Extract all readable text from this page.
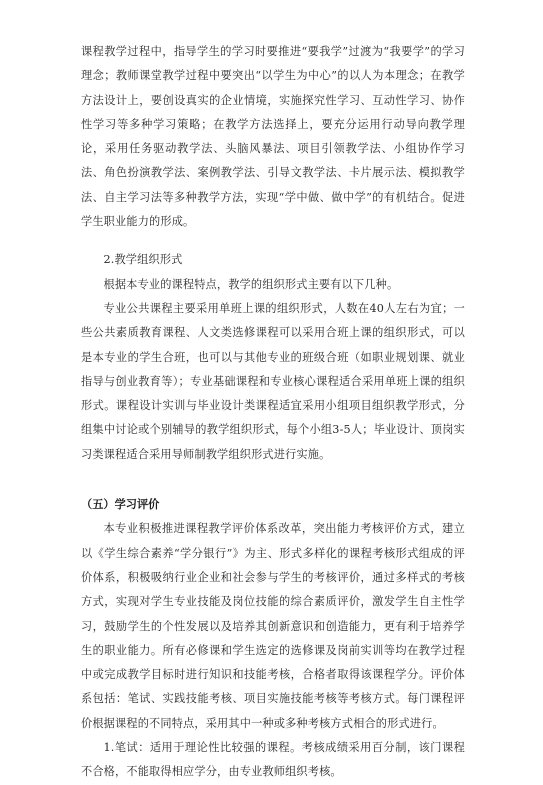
课程教学过程中，指导学生的学习时要推进“要我学”过渡为“我要学”的学习理念；教师课堂教学过程中要突出“以学生为中心”的以人为本理念；在教学方法设计上，要创设真实的企业情境，实施探究性学习、互动性学习、协作性学习等多种学习策略；在教学方法选择上，要充分运用行动导向教学理论，采用任务驱动教学法、头脑风暴法、项目引领教学法、小组协作学习法、角色扮演教学法、案例教学法、引导文教学法、卡片展示法、模拟教学法、自主学习法等多种教学方法，实现“学中做、做中学”的有机结合。促进学生职业能力的形成。

2.教学组织形式

根据本专业的课程特点，教学的组织形式主要有以下几种。

专业公共课程主要采用单班上课的组织形式，人数在40人左右为宜；一些公共素质教育课程、人文类选修课程可以采用合班上课的组织形式，可以是本专业的学生合班，也可以与其他专业的班级合班（如职业规划课、就业指导与创业教育等）；专业基础课程和专业核心课程适合采用单班上课的组织形式。课程设计实训与毕业设计类课程适宜采用小组项目组织教学形式，分组集中讨论或个别辅导的教学组织形式，每个小组3-5人；毕业设计、顶岗实习类课程适合采用导师制教学组织形式进行实施。

（五）学习评价

本专业积极推进课程教学评价体系改革，突出能力考核评价方式，建立以《学生综合素养“学分银行”》为主、形式多样化的课程考核形式组成的评价体系，积极吸纳行业企业和社会参与学生的考核评价，通过多样式的考核方式，实现对学生专业技能及岗位技能的综合素质评价，激发学生自主性学习，鼓励学生的个性发展以及培养其创新意识和创造能力，更有利于培养学生的职业能力。所有必修课和学生选定的选修课及岗前实训等均在教学过程中或完成教学目标时进行知识和技能考核，合格者取得该课程学分。评价体系包括：笔试、实践技能考核、项目实施技能考核等考核方式。每门课程评价根据课程的不同特点，采用其中一种或多种考核方式相合的形式进行。

1.笔试：适用于理论性比较强的课程。考核成绩采用百分制，该门课程不合格，不能取得相应学分，由专业教师组织考核。
